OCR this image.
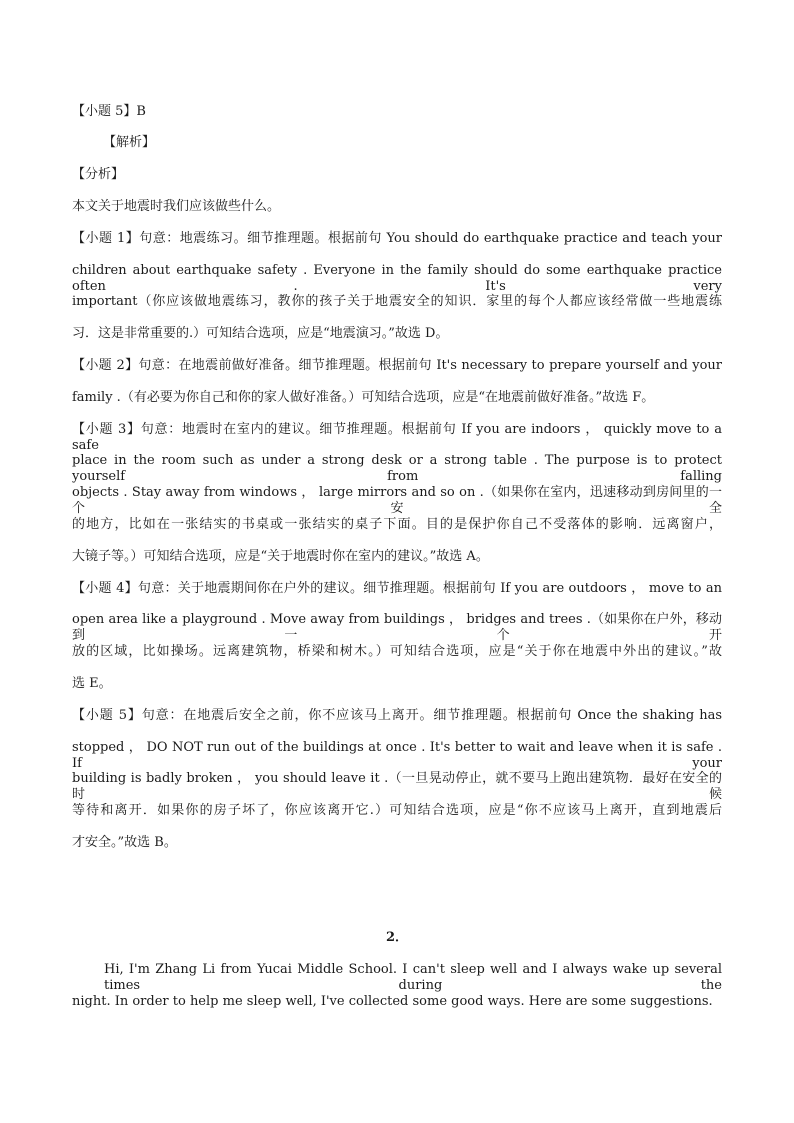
【小题 5】B
【解析】
【分析】
本文关于地震时我们应该做些什么。
【小题 1】句意：地震练习。细节推理题。根据前句 You should do earthquake practice and teach your
children about earthquake safety . Everyone in the family should do some earthquake practice often . It's very
important（你应该做地震练习，教你的孩子关于地震安全的知识．家里的每个人都应该经常做一些地震练
习．这是非常重要的.）可知结合选项，应是“地震演习。”故选 D。
【小题 2】句意：在地震前做好准备。细节推理题。根据前句 It's necessary to prepare yourself and your
family .（有必要为你自己和你的家人做好准备。）可知结合选项，应是“在地震前做好准备。”故选 F。
【小题 3】句意：地震时在室内的建议。细节推理题。根据前句 If you are indoors ， quickly move to a safe
place in the room such as under a strong desk or a strong table . The purpose is to protect yourself from falling
objects . Stay away from windows ， large mirrors and so on .（如果你在室内，迅速移动到房间里的一个安全
的地方，比如在一张结实的书桌或一张结实的桌子下面。目的是保护你自己不受落体的影响．远离窗户，
大镜子等。）可知结合选项，应是“关于地震时你在室内的建议。”故选 A。
【小题 4】句意：关于地震期间你在户外的建议。细节推理题。根据前句 If you are outdoors ， move to an
open area like a playground . Move away from buildings ， bridges and trees .（如果你在户外，移动到一个开
放的区域，比如操场。远离建筑物，桥梁和树木。）可知结合选项，应是“关于你在地震中外出的建议。”故
选 E。
【小题 5】句意：在地震后安全之前，你不应该马上离开。细节推理题。根据前句 Once the shaking has
stopped ， DO NOT run out of the buildings at once . It's better to wait and leave when it is safe . If your
building is badly broken ， you should leave it .（一旦晃动停止，就不要马上跑出建筑物．最好在安全的时候
等待和离开．如果你的房子坏了，你应该离开它.）可知结合选项，应是“你不应该马上离开，直到地震后
才安全。”故选 B。
2．
Hi, I'm Zhang Li from Yucai Middle School. I can't sleep well and I always wake up several times during the
night. In order to help me sleep well, I've collected some good ways. Here are some suggestions.
